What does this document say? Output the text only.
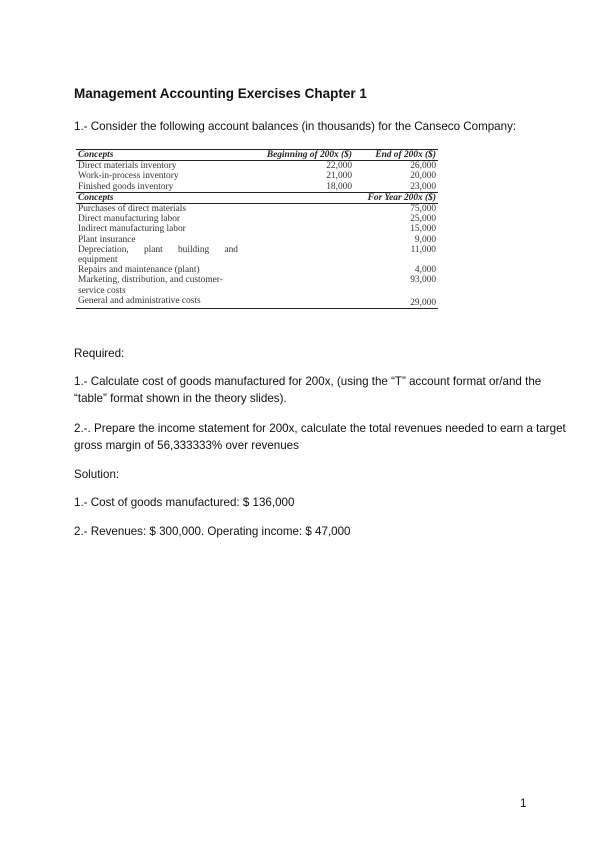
Management Accounting Exercises Chapter 1
1.- Consider the following account balances (in thousands) for the Canseco Company:
Concepts	Beginning of 200x ($)	End of 200x ($)
Direct materials inventory	22,000	26,000
Work-in-process inventory	21,000	20,000
Finished goods inventory	18,000	23,000
Concepts		For Year 200x ($)
Purchases of direct materials		75,000
Direct manufacturing labor		25,000
Indirect manufacturing labor		15,000
Plant insurance		9,000
Depreciation, plant building and		11,000
equipment		
Repairs and maintenance (plant)		4,000
Marketing, distribution, and customer-		93,000
service costs		
General and administrative costs		29,000
Required:
1.- Calculate cost of goods manufactured for 200x, (using the “T” account format or/and the
“table” format shown in the theory slides).
2.-. Prepare the income statement for 200x, calculate the total revenues needed to earn a target
gross margin of 56,333333% over revenues
Solution:
1.- Cost of goods manufactured: $ 136,000
2.- Revenues: $ 300,000. Operating income: $ 47,000
1
